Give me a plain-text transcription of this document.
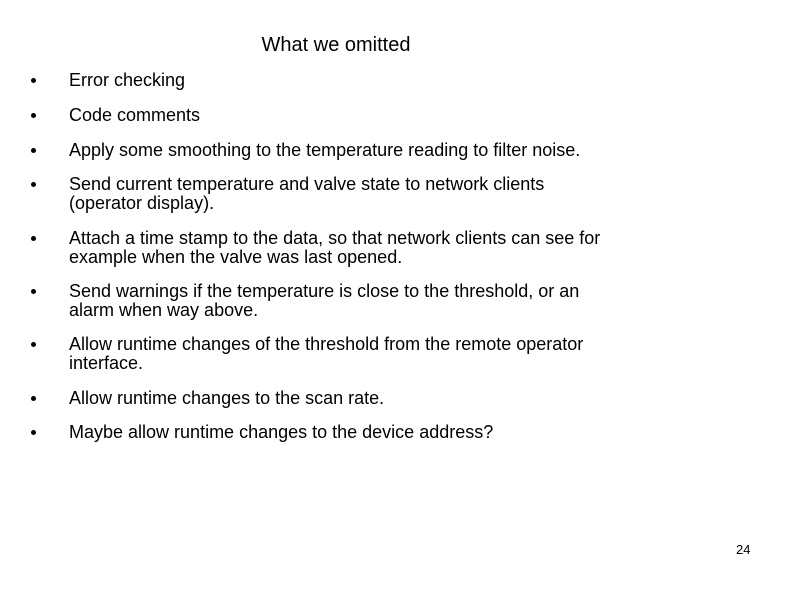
What we omitted
Error checking
Code comments
Apply some smoothing to the temperature reading to filter noise.
Send current temperature and valve state to network clients
(operator display).
Attach a time stamp to the data, so that network clients can see for
example when the valve was last opened.
Send warnings if the temperature is close to the threshold, or an
alarm when way above.
Allow runtime changes of the threshold from the remote operator
interface.
Allow runtime changes to the scan rate.
Maybe allow runtime changes to the device address?
24
